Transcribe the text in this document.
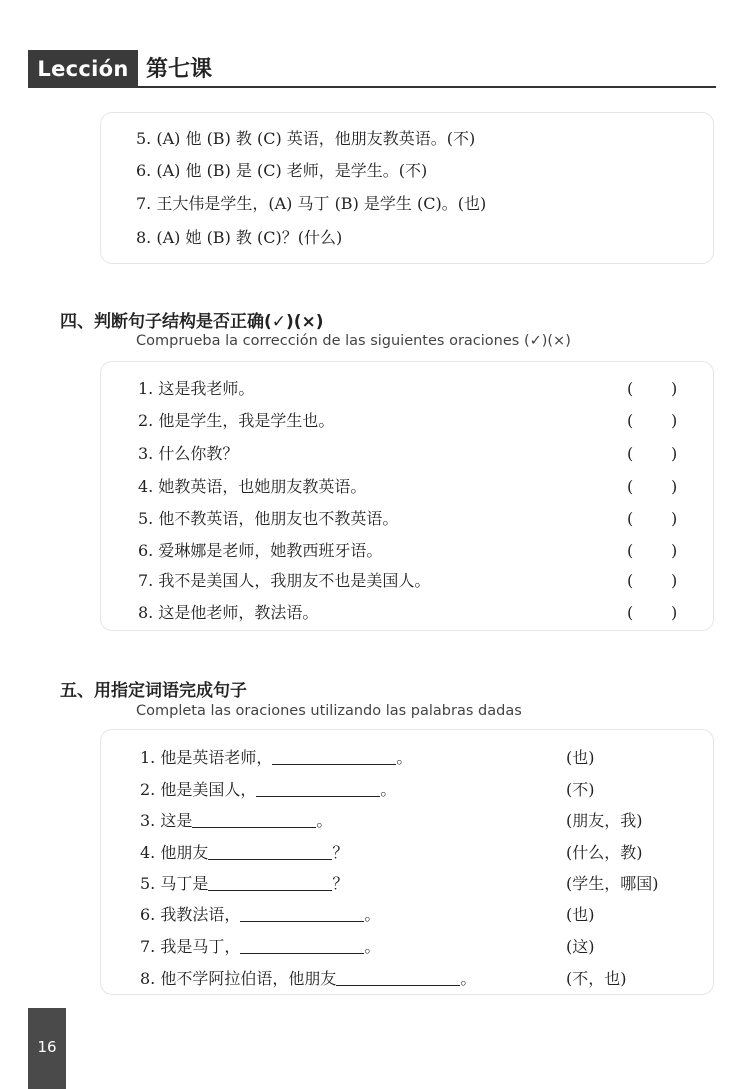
Lección 7
第七课
5. (A) 他 (B) 教 (C) 英语，他朋友教英语。(不)
6. (A) 他 (B) 是 (C) 老师，是学生。(不)
7. 王大伟是学生，(A) 马丁 (B) 是学生 (C)。(也)
8. (A) 她 (B) 教 (C)？(什么)
四、判断句子结构是否正确(✓)(×)
Comprueba la corrección de las siguientes oraciones (✓)(×)
1. 这是我老师。	( )
2. 他是学生，我是学生也。	( )
3. 什么你教？	( )
4. 她教英语，也她朋友教英语。	( )
5. 他不教英语，他朋友也不教英语。	( )
6. 爱琳娜是老师，她教西班牙语。	( )
7. 我不是美国人，我朋友不也是美国人。	( )
8. 这是他老师，教法语。	( )
五、用指定词语完成句子
Completa las oraciones utilizando las palabras dadas
1. 他是英语老师，	。	(也)
2. 他是美国人，	。	(不)
3. 这是	。	(朋友，我)
4. 他朋友	？	(什么，教)
5. 马丁是	？	(学生，哪国)
6. 我教法语，	。	(也)
7. 我是马丁，	。	(这)
8. 他不学阿拉伯语，他朋友	。	(不，也)
16
